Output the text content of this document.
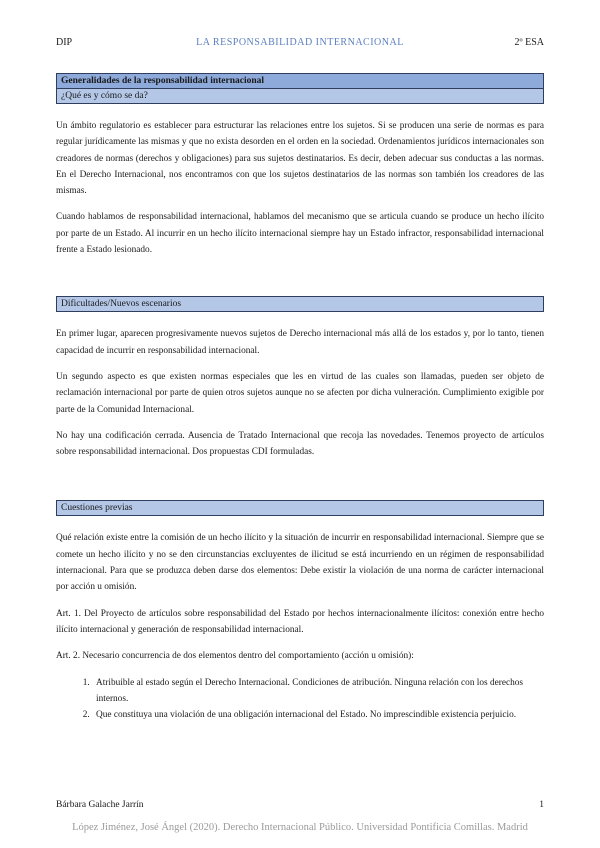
DIP	LA RESPONSABILIDAD INTERNACIONAL	2º ESA
Generalidades de la responsabilidad internacional
¿Qué es y cómo se da?

Un ámbito regulatorio es establecer para estructurar las relaciones entre los sujetos. Si se producen una serie de normas es para regular jurídicamente las mismas y que no exista desorden en el orden en la sociedad. Ordenamientos jurídicos internacionales son creadores de normas (derechos y obligaciones) para sus sujetos destinatarios. Es decir, deben adecuar sus conductas a las normas. En el Derecho Internacional, nos encontramos con que los sujetos destinatarios de las normas son también los creadores de las mismas.

Cuando hablamos de responsabilidad internacional, hablamos del mecanismo que se articula cuando se produce un hecho ilícito por parte de un Estado. Al incurrir en un hecho ilícito internacional siempre hay un Estado infractor, responsabilidad internacional frente a Estado lesionado.

Dificultades/Nuevos escenarios

En primer lugar, aparecen progresivamente nuevos sujetos de Derecho internacional más allá de los estados y, por lo tanto, tienen capacidad de incurrir en responsabilidad internacional.

Un segundo aspecto es que existen normas especiales que les en virtud de las cuales son llamadas, pueden ser objeto de reclamación internacional por parte de quien otros sujetos aunque no se afecten por dicha vulneración. Cumplimiento exigible por parte de la Comunidad Internacional.

No hay una codificación cerrada. Ausencia de Tratado Internacional que recoja las novedades. Tenemos proyecto de artículos sobre responsabilidad internacional. Dos propuestas CDI formuladas.

Cuestiones previas

Qué relación existe entre la comisión de un hecho ilícito y la situación de incurrir en responsabilidad internacional. Siempre que se comete un hecho ilícito y no se den circunstancias excluyentes de ilicitud se está incurriendo en un régimen de responsabilidad internacional. Para que se produzca deben darse dos elementos: Debe existir la violación de una norma de carácter internacional por acción u omisión.

Art. 1. Del Proyecto de artículos sobre responsabilidad del Estado por hechos internacionalmente ilícitos: conexión entre hecho ilícito internacional y generación de responsabilidad internacional.

Art. 2. Necesario concurrencia de dos elementos dentro del comportamiento (acción u omisión):

1. Atribuible al estado según el Derecho Internacional. Condiciones de atribución. Ninguna relación con los derechos internos.
2. Que constituya una violación de una obligación internacional del Estado. No imprescindible existencia perjuicio.
Bárbara Galache Jarrín	1
López Jiménez, José Ángel (2020). Derecho Internacional Público. Universidad Pontificia Comillas. Madrid
